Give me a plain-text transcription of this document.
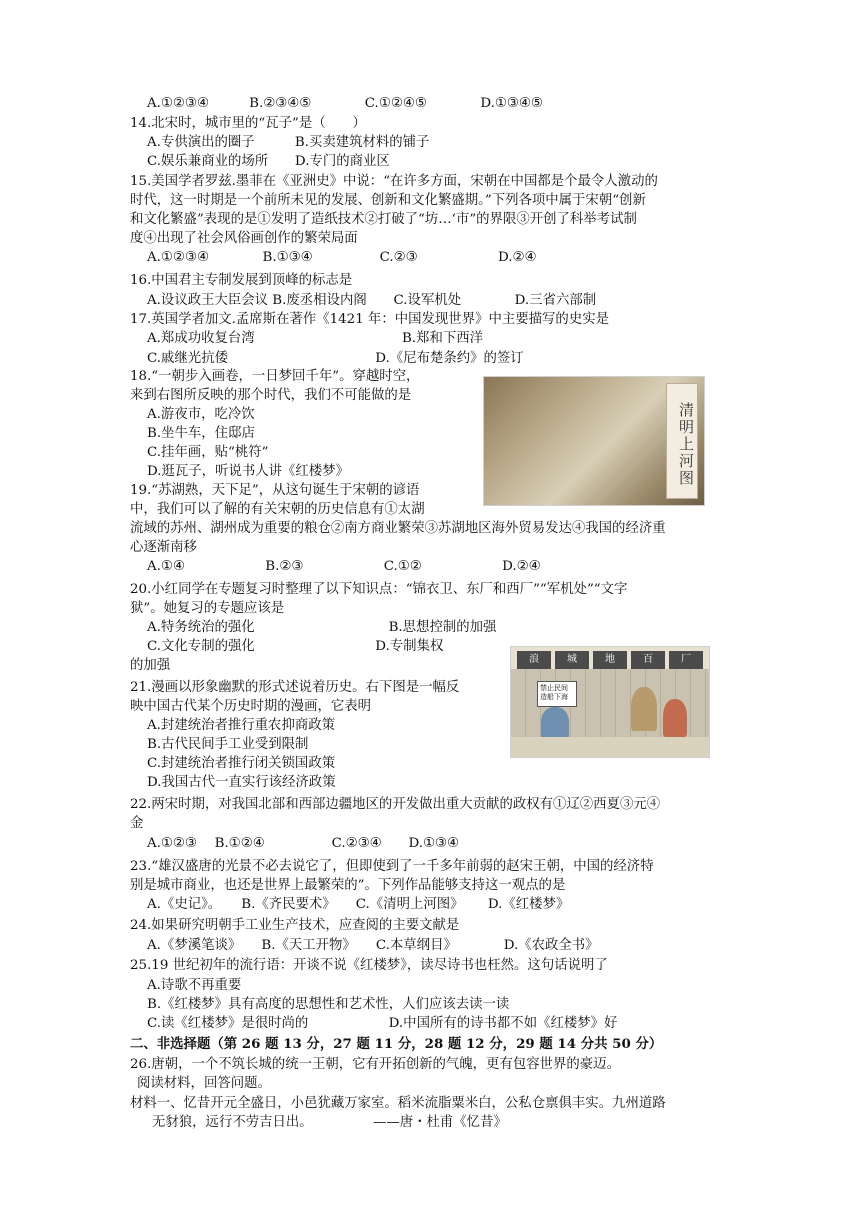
A.①②③④　　　B.②③④⑤　　　　C.①②④⑤　　　　D.①③④⑤
14.北宋时，城市里的“瓦子”是（　　）
A.专供演出的圈子　　　B.买卖建筑材料的铺子
C.娱乐兼商业的场所　　D.专门的商业区
15.美国学者罗兹.墨菲在《亚洲史》中说：“在许多方面，宋朝在中国都是个最令人激动的
时代，这一时期是一个前所未见的发展、创新和文化繁盛期。”下列各项中属于宋朝“创新
和文化繁盛”表现的是①发明了造纸技术②打破了“坊…‘市”的界限③开创了科举考试制
度④出现了社会风俗画创作的繁荣局面
A.①②③④　　　　B.①③④　　　　　C.②③　　　　　　D.②④
16.中国君主专制发展到顶峰的标志是
A.设议政王大臣会议 B.废丞相设内阁　　C.设军机处　　　　D.三省六部制
17.英国学者加文.孟席斯在著作《1421 年：中国发现世界》中主要描写的史实是
A.郑成功收复台湾　　　　　　　　　　　B.郑和下西洋
C.戚继光抗倭　　　　　　　　　　　D.《尼布楚条约》的签订
18.“一朝步入画卷，一日梦回千年”。穿越时空，
来到右图所反映的那个时代，我们不可能做的是
A.游夜市，吃冷饮
B.坐牛车，住邸店
C.挂年画，贴“桃符”
D.逛瓦子，听说书人讲《红楼梦》
19.“苏湖熟，天下足”，从这句诞生于宋朝的谚语
中，我们可以了解的有关宋朝的历史信息有①太湖
流域的苏州、湖州成为重要的粮仓②南方商业繁荣③苏湖地区海外贸易发达④我国的经济重
心逐渐南移
A.①④　　　　　　B.②③　　　　　　C.①②　　　　　　D.②④
20.小红同学在专题复习时整理了以下知识点：“锦衣卫、东厂和西厂”“军机处”“文字
狱”。她复习的专题应该是
A.特务统治的强化　　　　　　　　　　B.思想控制的加强
C.文化专制的强化　　　　　　　　　D.专制集权
的加强
21.漫画以形象幽默的形式述说着历史。右下图是一幅反
映中国古代某个历史时期的漫画，它表明
A.封建统治者推行重农抑商政策
B.古代民间手工业受到限制
C.封建统治者推行闭关锁国政策
D.我国古代一直实行该经济政策
22.两宋时期，对我国北部和西部边疆地区的开发做出重大贡献的政权有①辽②西夏③元④
金
A.①②③　 B.①②④　　　　　C.②③④　　D.①③④
23.“雄汉盛唐的光景不必去说它了，但即使到了一千多年前弱的赵宋王朝，中国的经济特
别是城市商业，也还是世界上最繁荣的”。下列作品能够支持这一观点的是
A.《史记》。　　B.《齐民要术》　　C.《清明上河图》　　 D.《红楼梦》
24.如果研究明朝手工业生产技术，应查阅的主要文献是
A.《梦溪笔谈》　　B.《天工开物》　　C.本草纲目》　　　　D.《农政全书》
25.19 世纪初年的流行语：开谈不说《红楼梦》，读尽诗书也枉然。这句话说明了
A.诗歌不再重要
B.《红楼梦》具有高度的思想性和艺术性，人们应该去读一读
C.读《红楼梦》是很时尚的　　　　　　D.中国所有的诗书都不如《红楼梦》好
二、非选择题（第 26 题 13 分，27 题 11 分，28 题 12 分，29 题 14 分共 50 分）
26.唐朝，一个不筑长城的统一王朝，它有开拓创新的气魄，更有包容世界的豪迈。
阅读材料，回答问题。
材料一、忆昔开元全盛日，小邑犹藏万家室。稻米流脂粟米白，公私仓禀俱丰实。九州道路
无豺狼，远行不劳吉日出。　　　　　——唐・杜甫《忆昔》
清明上河图
浪	城	地	百	厂
禁止民间造船下海
